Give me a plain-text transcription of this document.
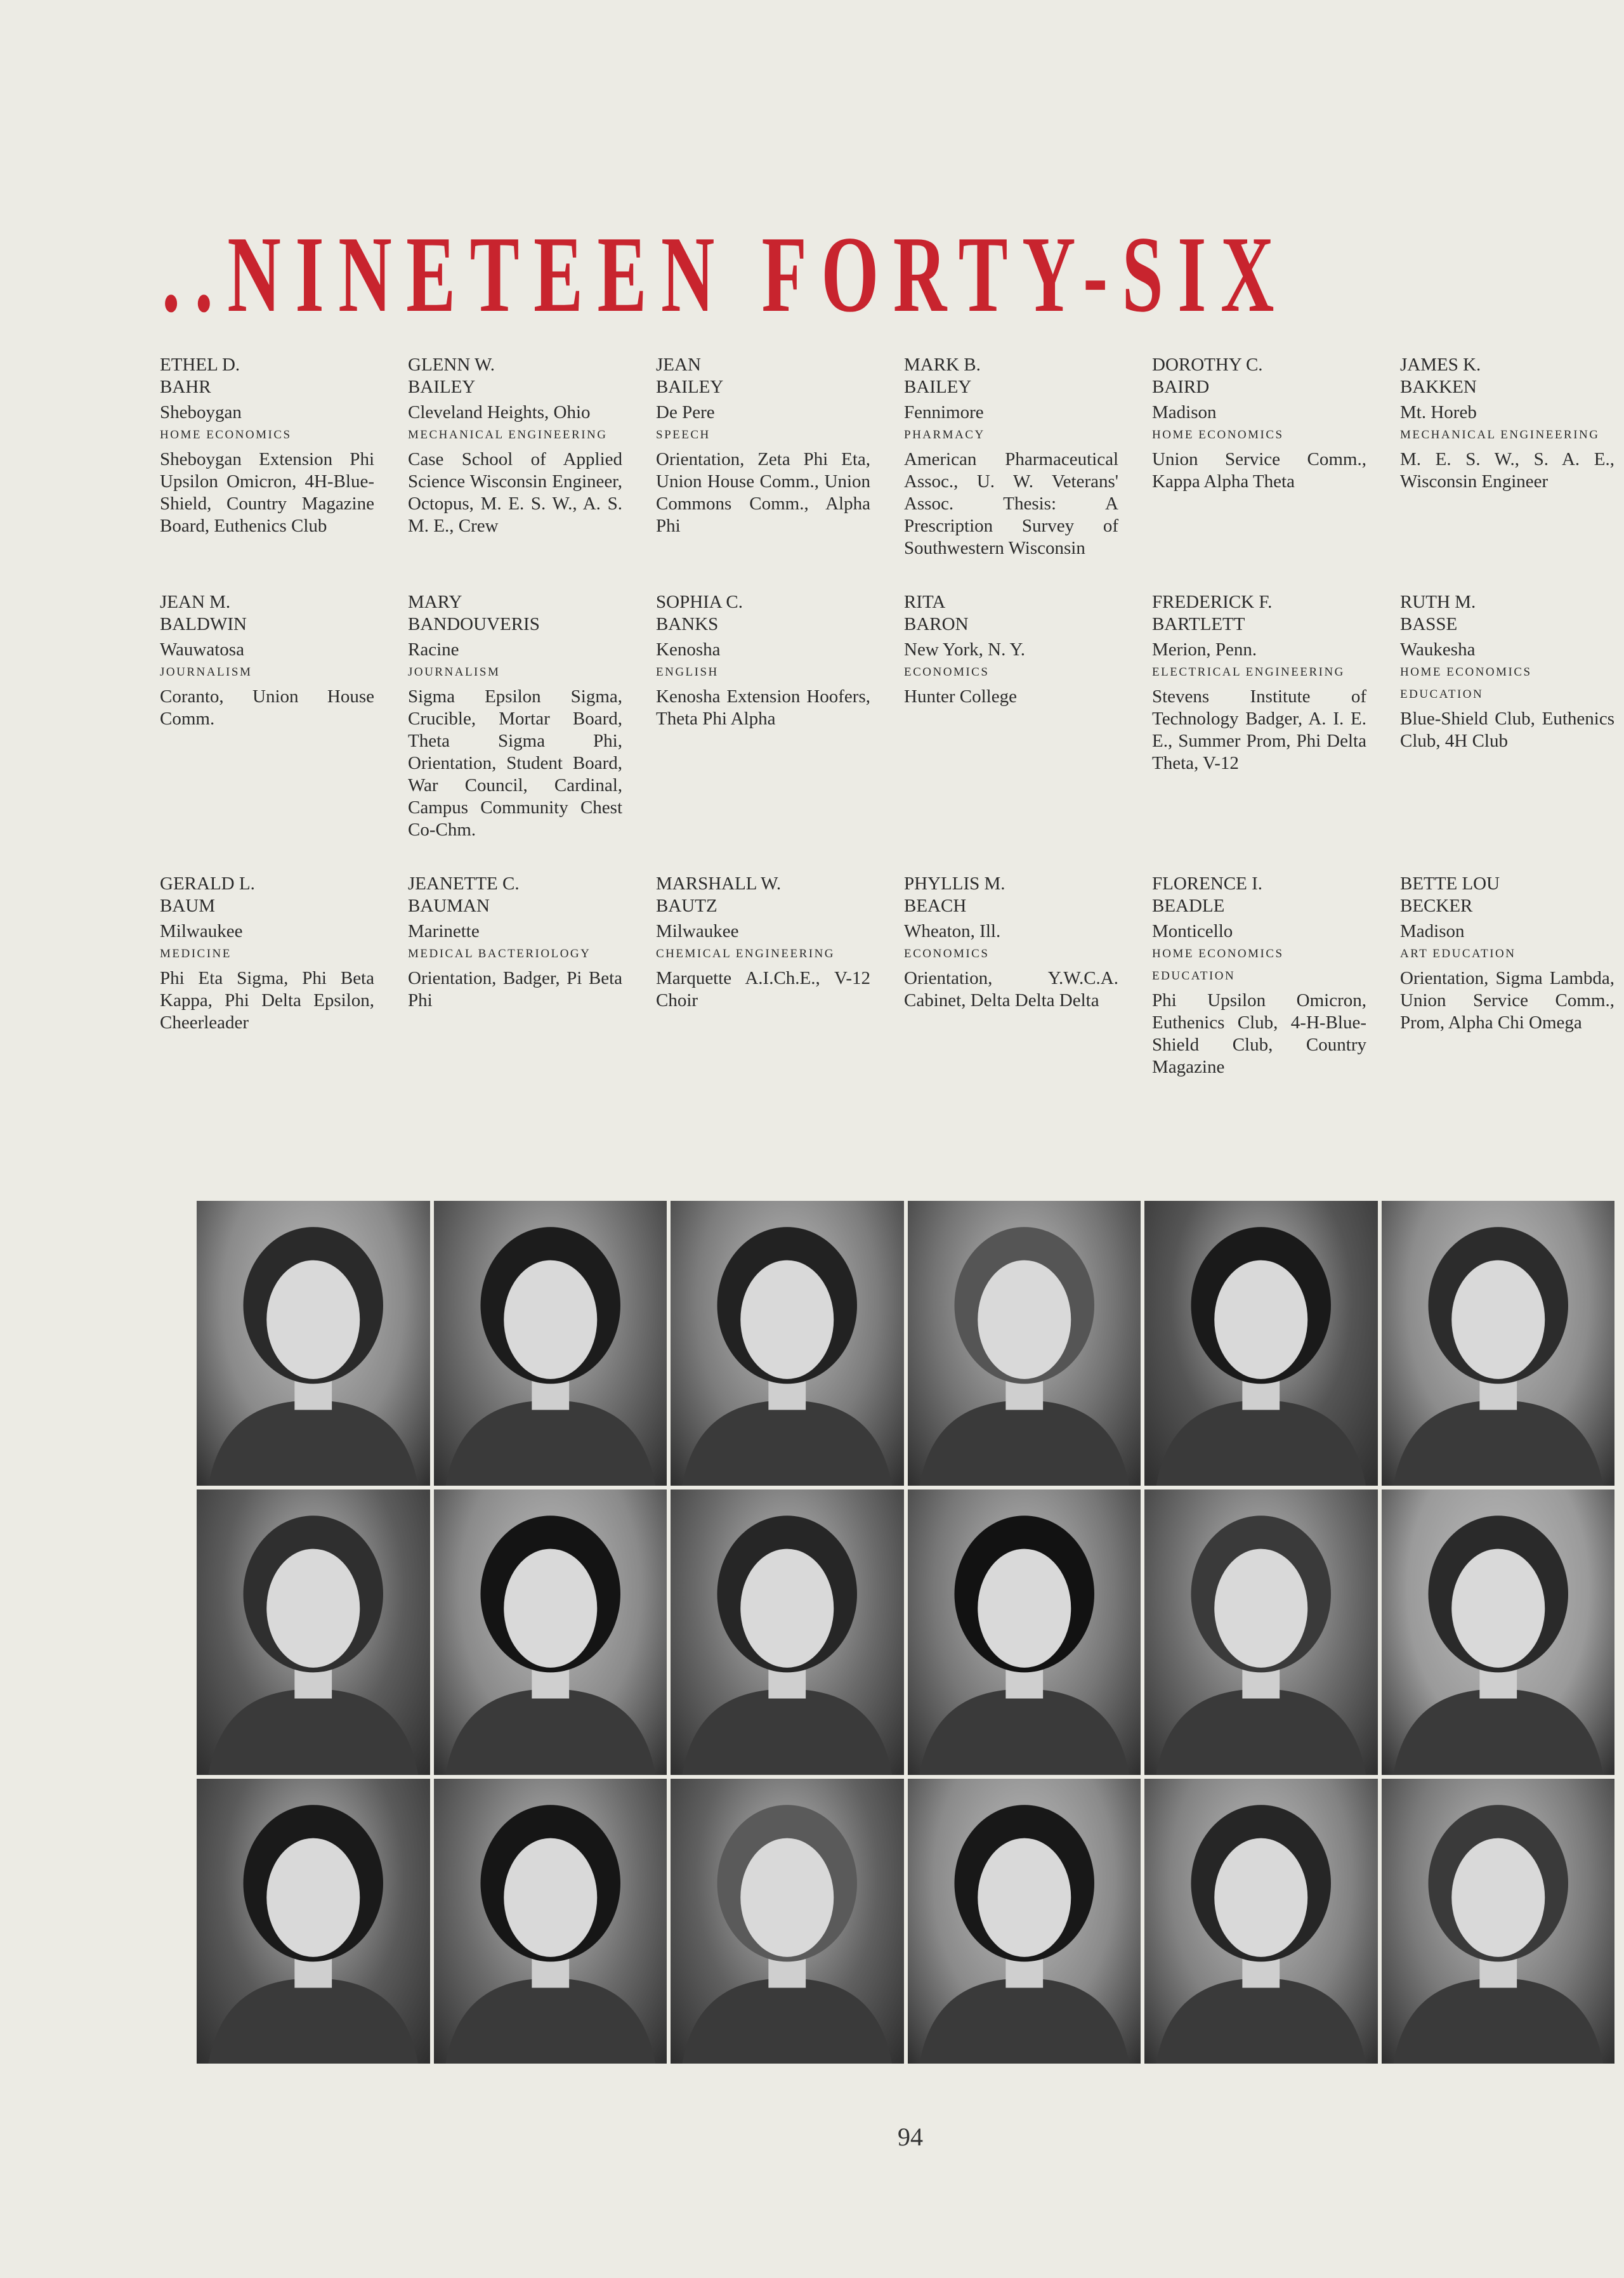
..NINETEEN FORTY-SIX
ETHEL D.
BAHR
Sheboygan
HOME ECONOMICS
Sheboygan Extension Phi Upsilon Omicron, 4H-Blue-Shield, Country Magazine Board, Euthenics Club
GLENN W.
BAILEY
Cleveland Heights, Ohio
MECHANICAL ENGINEERING
Case School of Applied Science Wisconsin Engineer, Octopus, M. E. S. W., A. S. M. E., Crew
JEAN
BAILEY
De Pere
SPEECH
Orientation, Zeta Phi Eta, Union House Comm., Union Commons Comm., Alpha Phi
MARK B.
BAILEY
Fennimore
PHARMACY
American Pharmaceutical Assoc., U. W. Veterans' Assoc. Thesis: A Prescription Survey of Southwestern Wisconsin
DOROTHY C.
BAIRD
Madison
HOME ECONOMICS
Union Service Comm., Kappa Alpha Theta
JAMES K.
BAKKEN
Mt. Horeb
MECHANICAL ENGINEERING
M. E. S. W., S. A. E., Wisconsin Engineer
JEAN M.
BALDWIN
Wauwatosa
JOURNALISM
Coranto, Union House Comm.
MARY
BANDOUVERIS
Racine
JOURNALISM
Sigma Epsilon Sigma, Crucible, Mortar Board, Theta Sigma Phi, Orientation, Student Board, War Council, Cardinal, Campus Community Chest Co-Chm.
SOPHIA C.
BANKS
Kenosha
ENGLISH
Kenosha Extension Hoofers, Theta Phi Alpha
RITA
BARON
New York, N. Y.
ECONOMICS
Hunter College
FREDERICK F.
BARTLETT
Merion, Penn.
ELECTRICAL ENGINEERING
Stevens Institute of Technology Badger, A. I. E. E., Summer Prom, Phi Delta Theta, V-12
RUTH M.
BASSE
Waukesha
HOME ECONOMICS EDUCATION
Blue-Shield Club, Euthenics Club, 4H Club
GERALD L.
BAUM
Milwaukee
MEDICINE
Phi Eta Sigma, Phi Beta Kappa, Phi Delta Epsilon, Cheerleader
JEANETTE C.
BAUMAN
Marinette
MEDICAL BACTERIOLOGY
Orientation, Badger, Pi Beta Phi
MARSHALL W.
BAUTZ
Milwaukee
CHEMICAL ENGINEERING
Marquette A.I.Ch.E., V-12 Choir
PHYLLIS M.
BEACH
Wheaton, Ill.
ECONOMICS
Orientation, Y.W.C.A. Cabinet, Delta Delta Delta
FLORENCE I.
BEADLE
Monticello
HOME ECONOMICS EDUCATION
Phi Upsilon Omicron, Euthenics Club, 4-H-Blue-Shield Club, Country Magazine
BETTE LOU
BECKER
Madison
ART EDUCATION
Orientation, Sigma Lambda, Union Service Comm., Prom, Alpha Chi Omega
94
